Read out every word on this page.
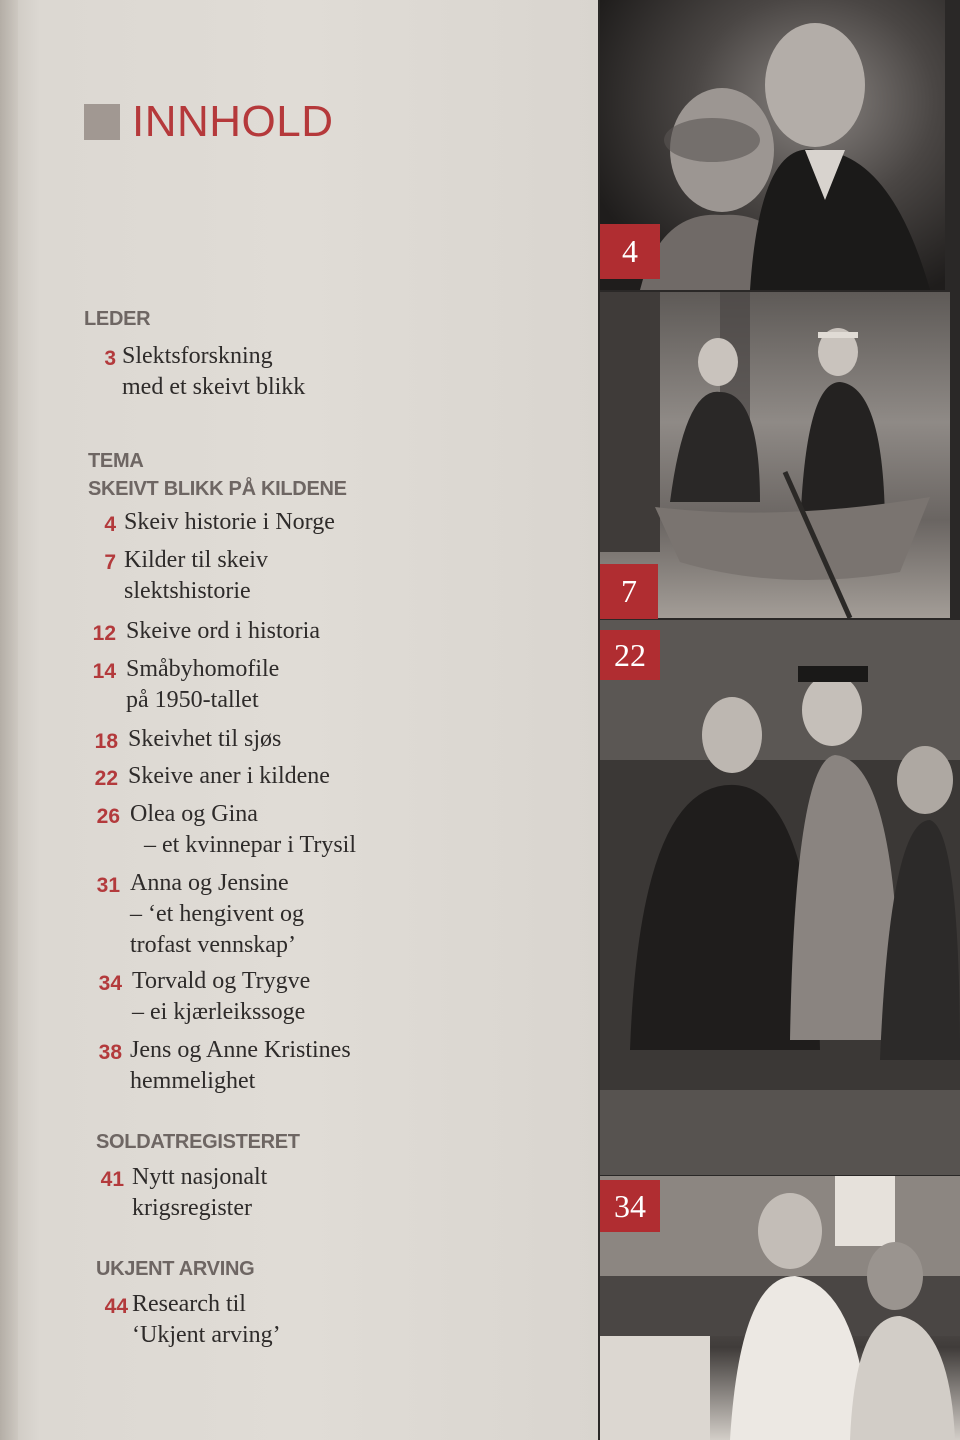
INNHOLD
LEDER
3 Slektsforskning
med et skeivt blikk
TEMA
SKEIVT BLIKK PÅ KILDENE
4 Skeiv historie i Norge
7 Kilder til skeiv
slektshistorie
12 Skeive ord i historia
14 Småbyhomofile
på 1950-tallet
18 Skeivhet til sjøs
22 Skeive aner i kildene
26 Olea og Gina
– et kvinnepar i Trysil
31 Anna og Jensine
– ‘et hengivent og
trofast vennskap’
34 Torvald og Trygve
– ei kjærleikssoge
38 Jens og Anne Kristines
hemmelighet
SOLDATREGISTERET
41 Nytt nasjonalt
krigsregister
UKJENT ARVING
44 Research til
‘Ukjent arving’
4
7
22
34
